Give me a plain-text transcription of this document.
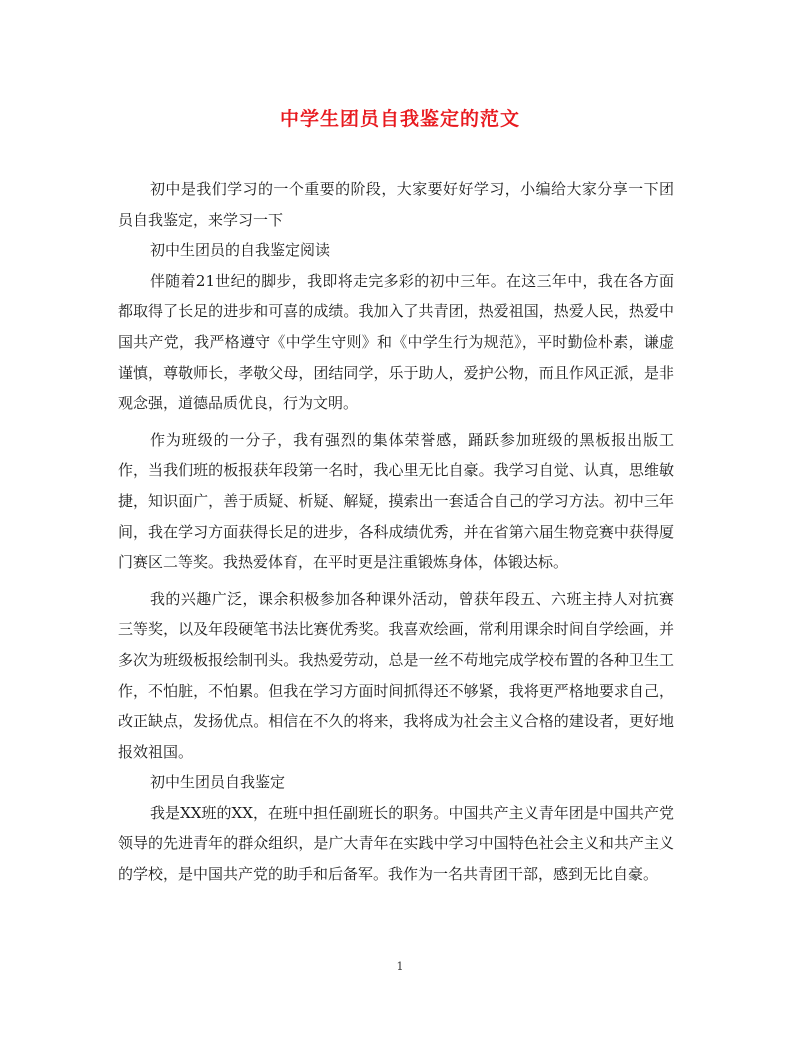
中学生团员自我鉴定的范文

初中是我们学习的一个重要的阶段，大家要好好学习，小编给大家分享一下团员自我鉴定，来学习一下

初中生团员的自我鉴定阅读

伴随着21世纪的脚步，我即将走完多彩的初中三年。在这三年中，我在各方面都取得了长足的进步和可喜的成绩。我加入了共青团，热爱祖国，热爱人民，热爱中国共产党，我严格遵守《中学生守则》和《中学生行为规范》，平时勤俭朴素，谦虚谨慎，尊敬师长，孝敬父母，团结同学，乐于助人，爱护公物，而且作风正派，是非观念强，道德品质优良，行为文明。

作为班级的一分子，我有强烈的集体荣誉感，踊跃参加班级的黑板报出版工作，当我们班的板报获年段第一名时，我心里无比自豪。我学习自觉、认真，思维敏捷，知识面广，善于质疑、析疑、解疑，摸索出一套适合自己的学习方法。初中三年间，我在学习方面获得长足的进步，各科成绩优秀，并在省第六届生物竞赛中获得厦门赛区二等奖。我热爱体育，在平时更是注重锻炼身体，体锻达标。

我的兴趣广泛，课余积极参加各种课外活动，曾获年段五、六班主持人对抗赛三等奖，以及年段硬笔书法比赛优秀奖。我喜欢绘画，常利用课余时间自学绘画，并多次为班级板报绘制刊头。我热爱劳动，总是一丝不苟地完成学校布置的各种卫生工作，不怕脏，不怕累。但我在学习方面时间抓得还不够紧，我将更严格地要求自己，改正缺点，发扬优点。相信在不久的将来，我将成为社会主义合格的建设者，更好地报效祖国。

初中生团员自我鉴定

我是XX班的XX，在班中担任副班长的职务。中国共产主义青年团是中国共产党领导的先进青年的群众组织，是广大青年在实践中学习中国特色社会主义和共产主义的学校，是中国共产党的助手和后备军。我作为一名共青团干部，感到无比自豪。

1
